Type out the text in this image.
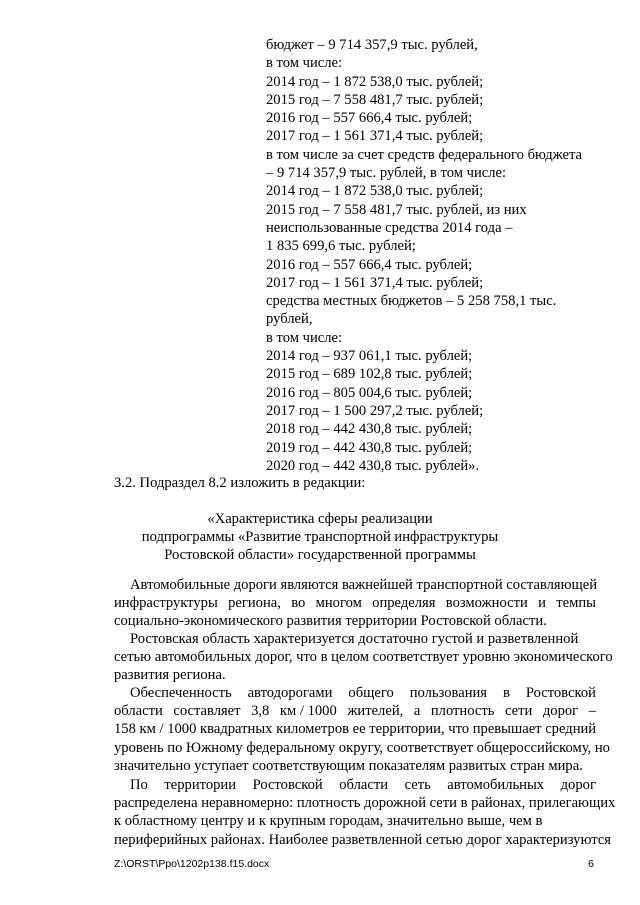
бюджет – 9 714 357,9 тыс. рублей,
в том числе:
2014 год – 1 872 538,0 тыс. рублей;
2015 год – 7 558 481,7 тыс. рублей;
2016 год – 557 666,4 тыс. рублей;
2017 год – 1 561 371,4 тыс. рублей;
в том числе за счет средств федерального бюджета
– 9 714 357,9 тыс. рублей, в том числе:
2014 год – 1 872 538,0 тыс. рублей;
2015 год – 7 558 481,7 тыс. рублей, из них
неиспользованные средства 2014 года –
1 835 699,6 тыс. рублей;
2016 год – 557 666,4 тыс. рублей;
2017 год – 1 561 371,4 тыс. рублей;
средства местных бюджетов – 5 258 758,1 тыс.
рублей,
в том числе:
2014 год – 937 061,1 тыс. рублей;
2015 год – 689 102,8 тыс. рублей;
2016 год – 805 004,6 тыс. рублей;
2017 год – 1 500 297,2 тыс. рублей;
2018 год – 442 430,8 тыс. рублей;
2019 год – 442 430,8 тыс. рублей;
2020 год – 442 430,8 тыс. рублей».
3.2. Подраздел 8.2 изложить в редакции:
«Характеристика сферы реализации
подпрограммы «Развитие транспортной инфраструктуры
Ростовской области» государственной программы
Автомобильные дороги являются важнейшей транспортной составляющей
инфраструктуры региона, во многом определяя возможности и темпы
социально-экономического развития территории Ростовской области.
Ростовская область характеризуется достаточно густой и разветвленной
сетью автомобильных дорог, что в целом соответствует уровню экономического
развития региона.
Обеспеченность автодорогами общего пользования в Ростовской
области составляет 3,8 км / 1000 жителей, а плотность сети дорог –
158 км / 1000 квадратных километров ее территории, что превышает средний
уровень по Южному федеральному округу, соответствует общероссийскому, но
значительно уступает соответствующим показателям развитых стран мира.
По территории Ростовской области сеть автомобильных дорог
распределена неравномерно: плотность дорожной сети в районах, прилегающих
к областному центру и к крупным городам, значительно выше, чем в
периферийных районах. Наиболее разветвленной сетью дорог характеризуются
Z:\ORST\Ppo\1202p138.f15.docx	6
